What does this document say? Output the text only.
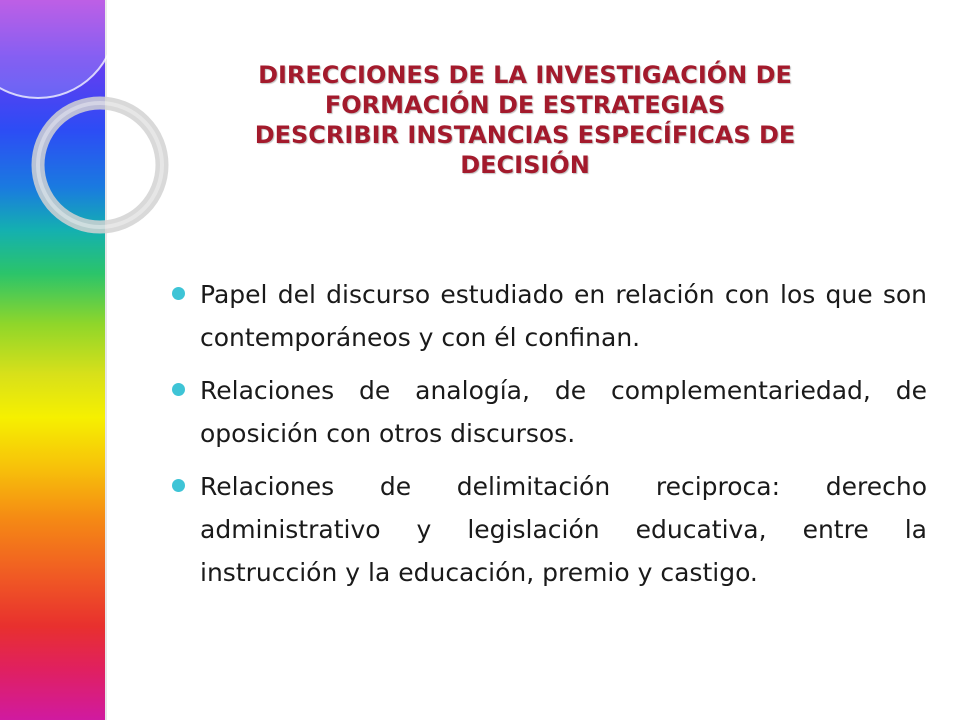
DIRECCIONES DE LA INVESTIGACIÓN DE
FORMACIÓN DE ESTRATEGIAS
DESCRIBIR INSTANCIAS ESPECÍFICAS DE
DECISIÓN
Papel del discurso estudiado en relación con los que son contemporáneos y con él confinan.
Relaciones de analogía, de complementariedad, de oposición con otros discursos.
Relaciones de delimitación reciproca: derecho administrativo y legislación educativa, entre la instrucción y la educación, premio y castigo.
